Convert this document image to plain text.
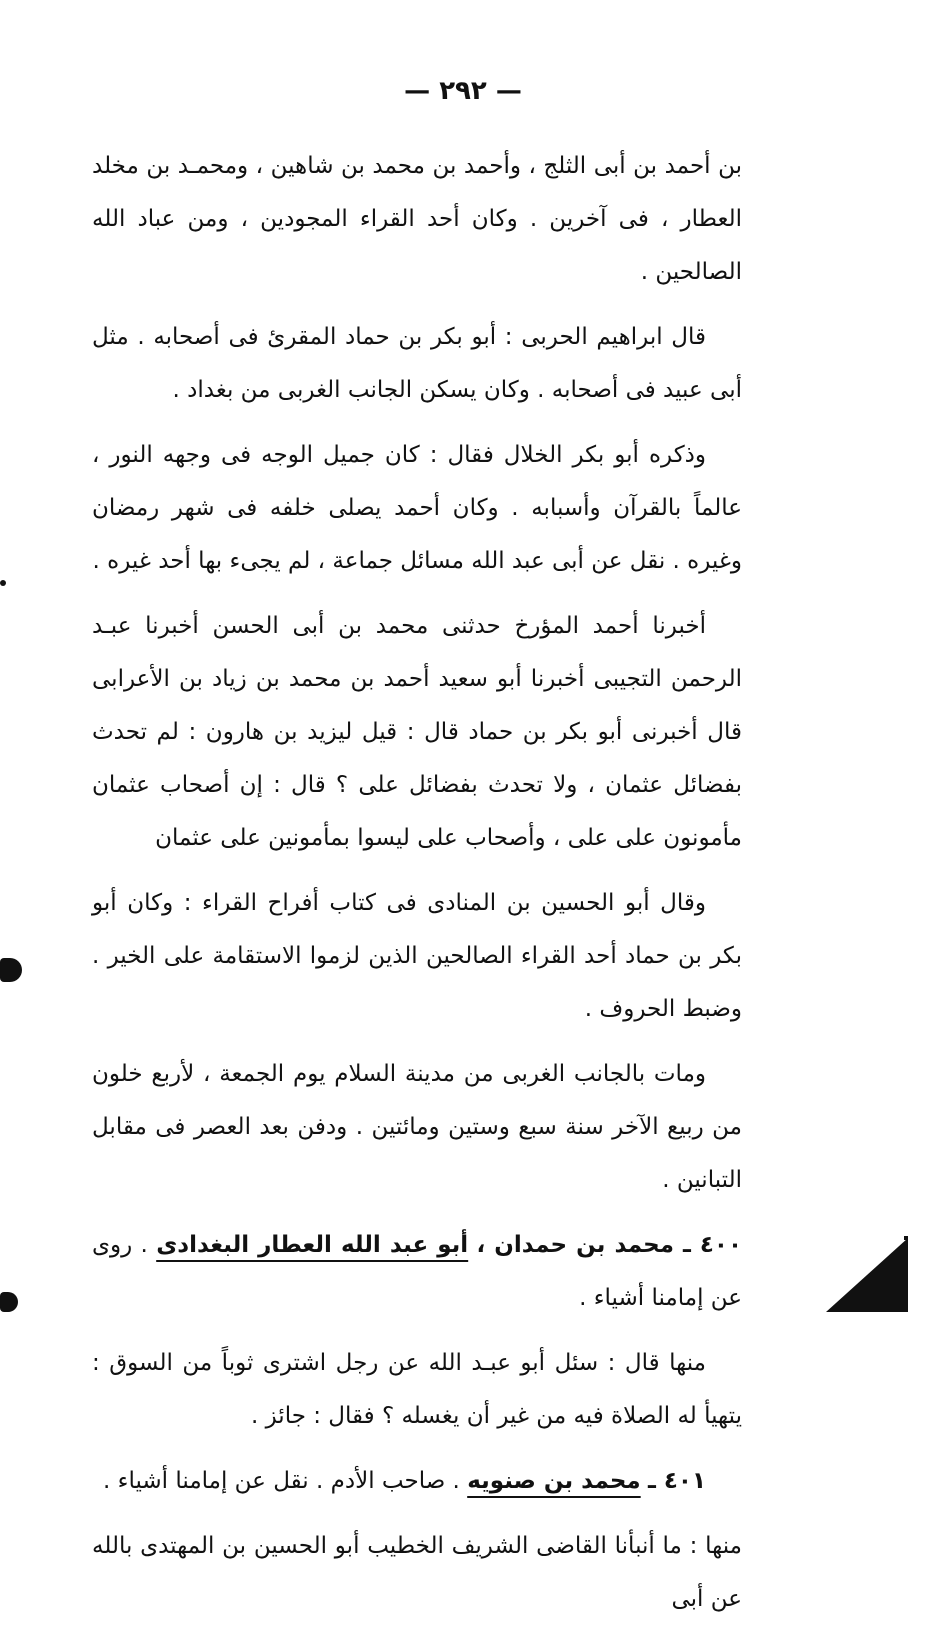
— ٢٩٢ —

بن أحمد بن أبى الثلج ، وأحمد بن محمد بن شاهين ، ومحمـد بن مخلد العطار ، فى آخرين . وكان أحد القراء المجودين ، ومن عباد الله الصالحين .

قال ابراهيم الحربى : أبو بكر بن حماد المقرئ فى أصحابه . مثل أبى عبيد فى أصحابه . وكان يسكن الجانب الغربى من بغداد .

وذكره أبو بكر الخلال فقال : كان جميل الوجه فى وجهه النور ، عالماً بالقرآن وأسبابه . وكان أحمد يصلى خلفه فى شهر رمضان وغيره . نقل عن أبى عبد الله مسائل جماعة ، لم يجىء بها أحد غيره .

أخبرنا أحمد المؤرخ حدثنى محمد بن أبى الحسن أخبرنا عبـد الرحمن التجيبى أخبرنا أبو سعيد أحمد بن محمد بن زياد بن الأعرابى قال أخبرنى أبو بكر بن حماد قال : قيل ليزيد بن هارون : لم تحدث بفضائل عثمان ، ولا تحدث بفضائل على ؟ قال : إن أصحاب عثمان مأمونون على على ، وأصحاب على ليسوا بمأمونين على عثمان

وقال أبو الحسين بن المنادى فى كتاب أفراح القراء : وكان أبو بكر بن حماد أحد القراء الصالحين الذين لزموا الاستقامة على الخير . وضبط الحروف .

ومات بالجانب الغربى من مدينة السلام يوم الجمعة ، لأربع خلون من ربيع الآخر سنة سبع وستين ومائتين . ودفن بعد العصر فى مقابل التبانين .

٤٠٠ ـ محمد بن حمدان ، أبو عبد الله العطار البغدادى . روى عن إمامنا أشياء .

منها قال : سئل أبو عبـد الله عن رجل اشترى ثوباً من السوق : يتهيأ له الصلاة فيه من غير أن يغسله ؟ فقال : جائز .

٤٠١ ـ محمد بن صنويه . صاحب الأدم . نقل عن إمامنا أشياء .

منها : ما أنبأنا القاضى الشريف الخطيب أبو الحسين بن المهتدى بالله عن أبى
